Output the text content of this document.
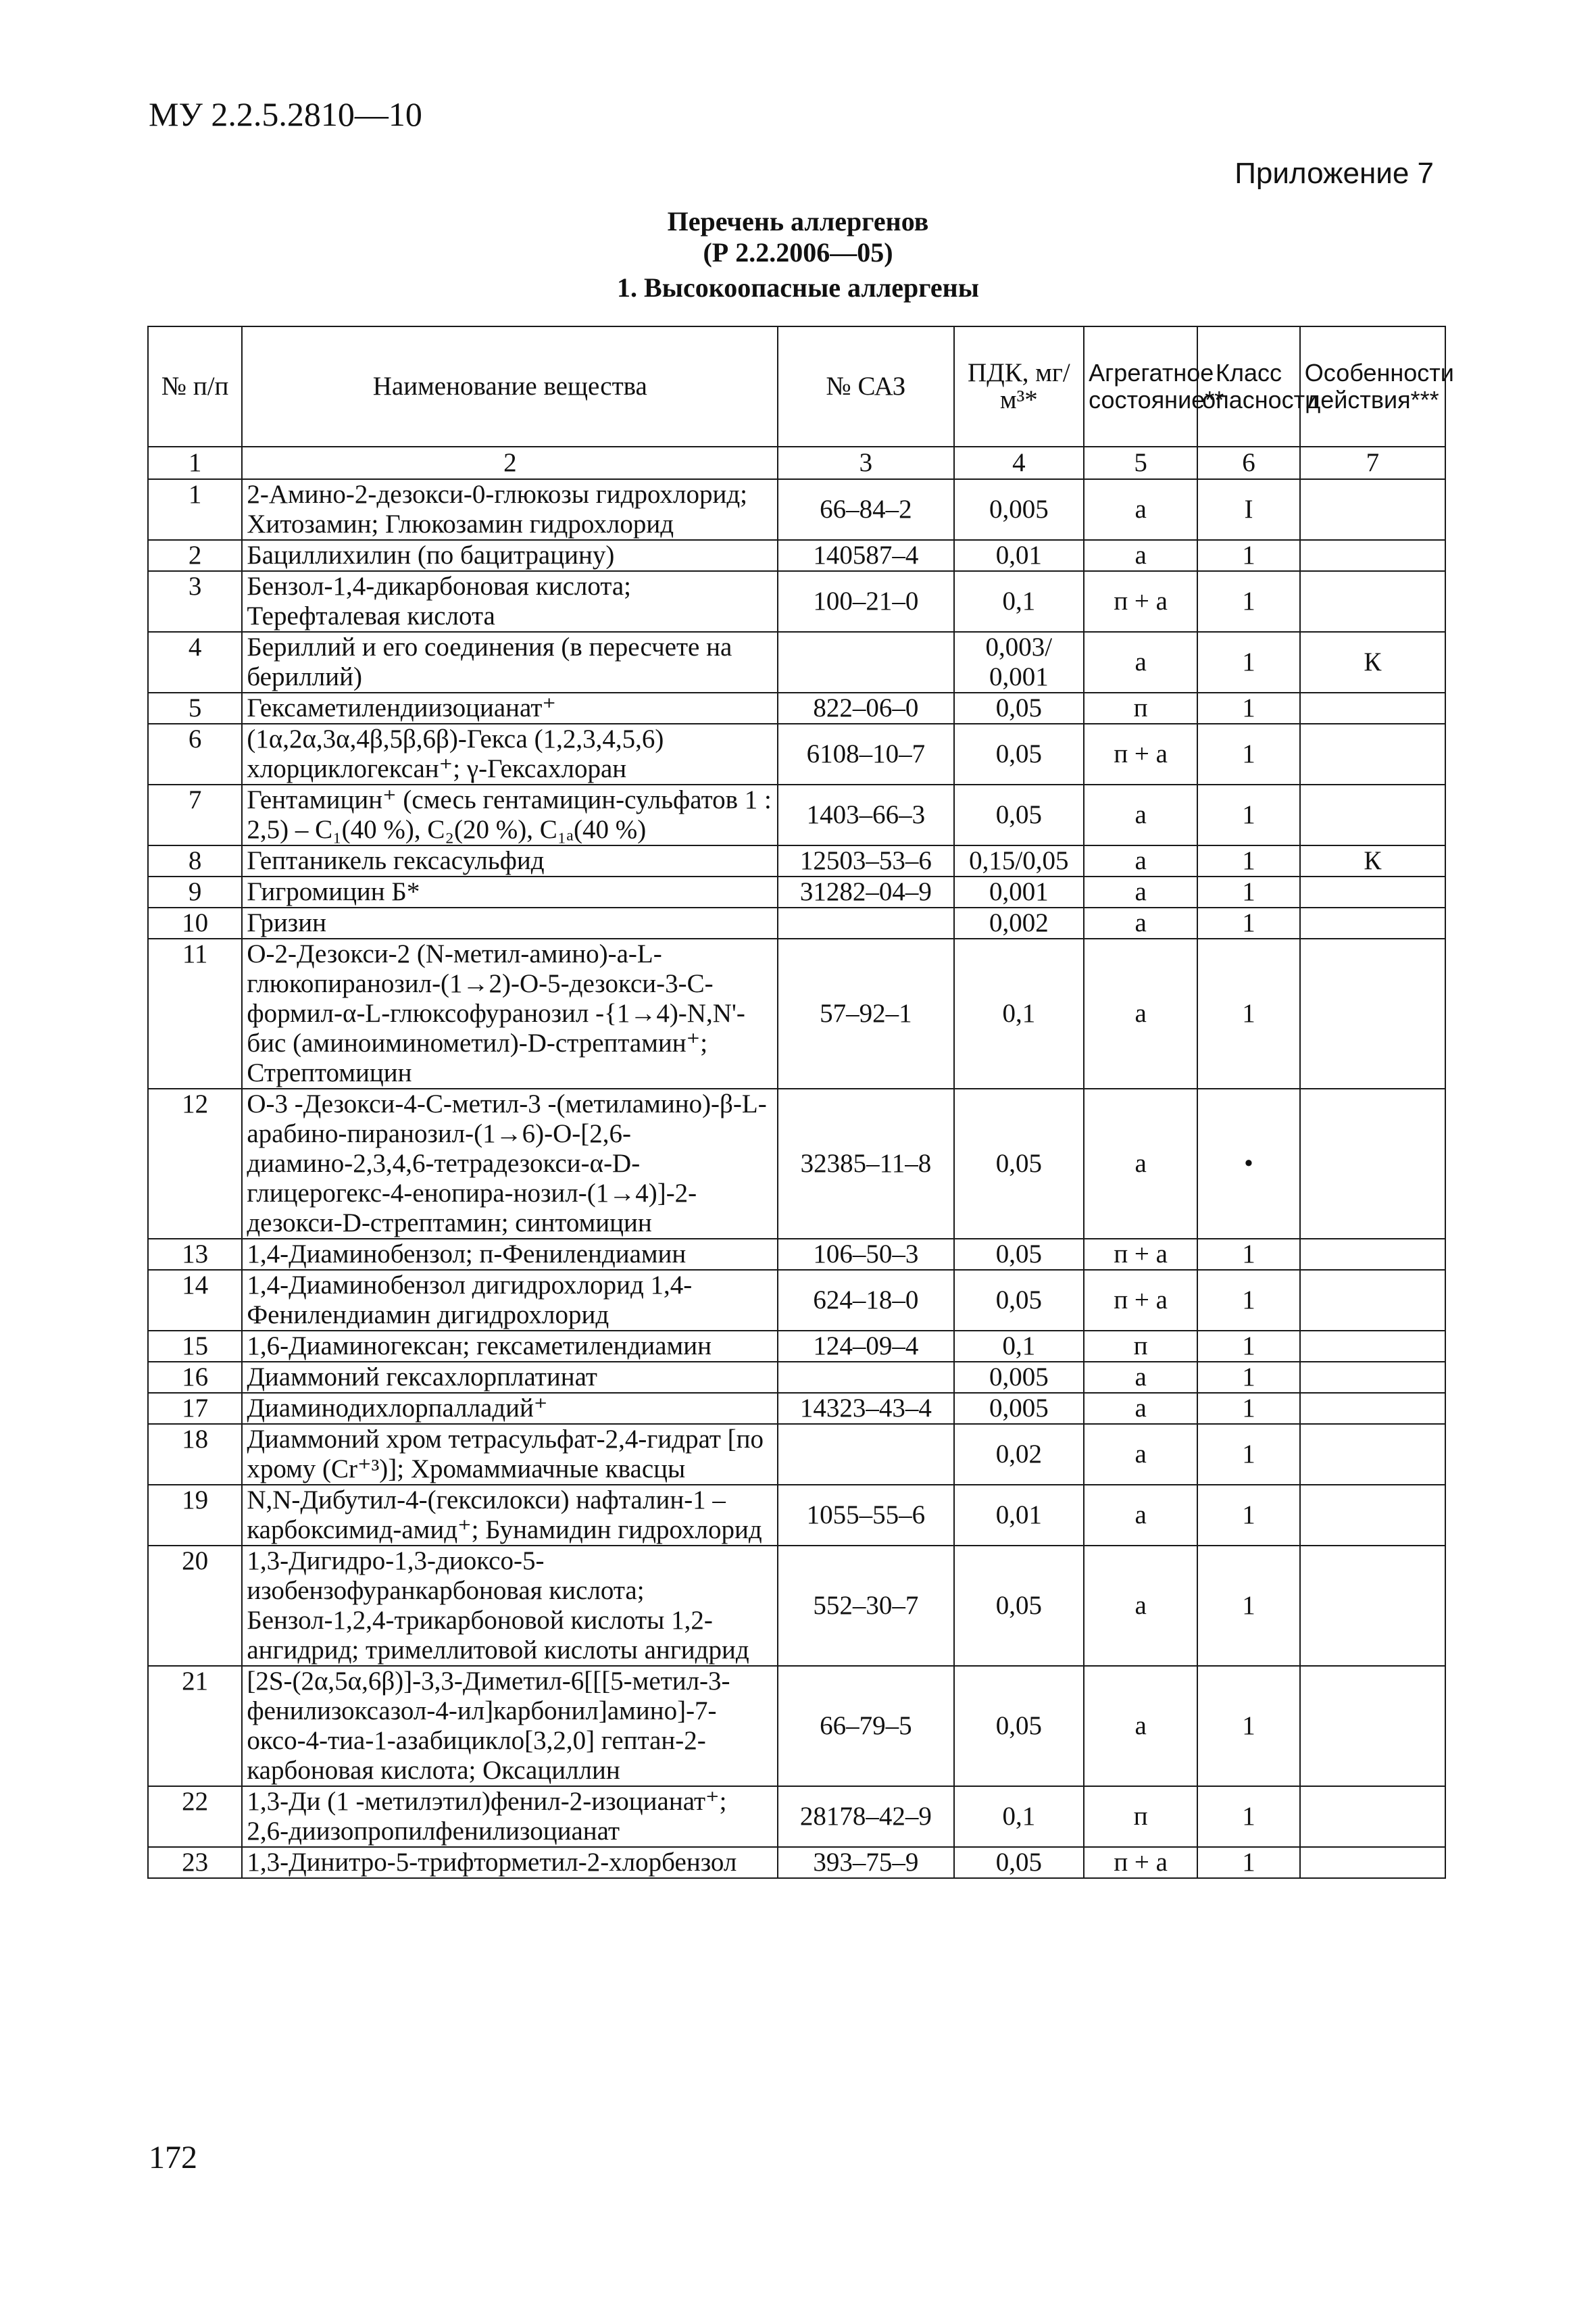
МУ 2.2.5.2810—10
Приложение 7
Перечень аллергенов
(Р 2.2.2006—05)
1. Высокоопасные аллергены
№ п/п	Наименование вещества	№ САЗ	ПДК, мг/м³*	Агрегатное состояние**	Класс опасности	Особенности действия***
1	2	3	4	5	6	7
1	2-Амино-2-дезокси-0-глюкозы гидрохлорид; Хитозамин; Глюкозамин гидрохлорид	66–84–2	0,005	а	I	
2	Бациллихилин (по бацитрацину)	140587–4	0,01	а	1	
3	Бензол-1,4-дикарбоновая кислота; Терефталевая кислота	100–21–0	0,1	п + а	1	
4	Бериллий и его соединения (в пересчете на бериллий)		0,003/ 0,001	а	1	К
5	Гексаметилендиизоцианат⁺	822–06–0	0,05	п	1	
6	(1α,2α,3α,4β,5β,6β)-Гекса (1,2,3,4,5,6) хлорциклогексан⁺; γ-Гексахлоран	6108–10–7	0,05	п + а	1	
7	Гентамицин⁺ (смесь гентамицин-сульфатов 1 : 2,5) – C₁(40 %), C₂(20 %), C₁ₐ(40 %)	1403–66–3	0,05	а	1	
8	Гептаникель гексасульфид	12503–53–6	0,15/0,05	а	1	К
9	Гигромицин Б*	31282–04–9	0,001	а	1	
10	Гризин		0,002	а	1	
11	О-2-Дезокси-2 (N-метил-амино)-а-L-глюкопиранозил-(1→2)-О-5-дезокси-3-С-формил-α-L-глюксофуранозил -{1→4)-N,N'-бис (аминоиминометил)-D-стрептамин⁺; Стрептомицин	57–92–1	0,1	а	1	
12	О-3 -Дезокси-4-С-метил-3 -(метиламино)-β-L-арабино-пиранозил-(1→6)-О-[2,6-диамино-2,3,4,6-тетрадезокси-α-D-глицерогекс-4-енопира-нозил-(1→4)]-2-дезокси-D-стрептамин; синтомицин	32385–11–8	0,05	а	•	
13	1,4-Диаминобензол; п-Фенилендиамин	106–50–3	0,05	п + а	1	
14	1,4-Диаминобензол дигидрохлорид 1,4-Фенилендиамин дигидрохлорид	624–18–0	0,05	п + а	1	
15	1,6-Диаминогексан; гексаметилендиамин	124–09–4	0,1	п	1	
16	Диаммоний гексахлорплатинат		0,005	а	1	
17	Диаминодихлорпалладий⁺	14323–43–4	0,005	а	1	
18	Диаммоний хром тетрасульфат-2,4-гидрат [по хрому (Cr⁺³)]; Хромаммиачные квасцы		0,02	а	1	
19	N,N-Дибутил-4-(гексилокси) нафталин-1 –карбоксимид-амид⁺; Бунамидин гидрохлорид	1055–55–6	0,01	а	1	
20	1,3-Дигидро-1,3-диоксо-5-изобензофуранкарбоновая кислота; Бензол-1,2,4-трикарбоновой кислоты 1,2-ангидрид; тримеллитовой кислоты ангидрид	552–30–7	0,05	а	1	
21	[2S-(2α,5α,6β)]-3,3-Диметил-6[[[5-метил-3-фенилизоксазол-4-ил]карбонил]амино]-7-оксо-4-тиа-1-азабицикло[3,2,0] гептан-2-карбоновая кислота; Оксациллин	66–79–5	0,05	а	1	
22	1,3-Ди (1 -метилэтил)фенил-2-изоцианат⁺; 2,6-диизопропилфенилизоцианат	28178–42–9	0,1	п	1	
23	1,3-Динитро-5-трифторметил-2-хлорбензол	393–75–9	0,05	п + а	1	
172
